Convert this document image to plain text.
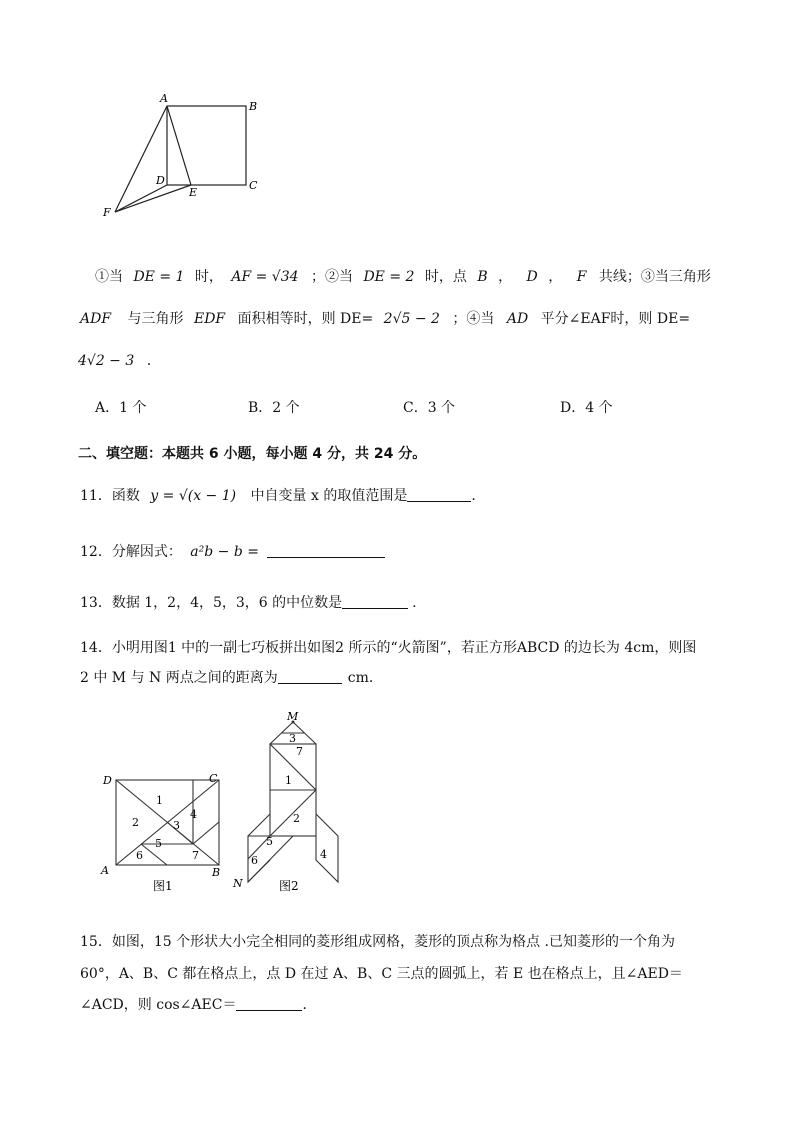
A
B
C
D
E
F
①当 DE = 1 时， AF = √34 ；②当 DE = 2 时，点 B ， D ， F 共线；③当三角形
ADF 与三角形 EDF 面积相等时，则 DE= 2√5 − 2 ；④当 AD 平分∠EAF时，则 DE=
4√2 − 3 .
A．1 个	B．2 个	C．3 个	D．4 个
二、填空题：本题共 6 小题，每小题 4 分，共 24 分。
11．函数 y = √(x − 1) 中自变量 x 的取值范围是	.
12．分解因式： a²b − b =
13．数据 1，2，4，5，3，6 的中位数是	.
14．小明用图1 中的一副七巧板拼出如图2 所示的“火箭图”，若正方形ABCD 的边长为 4cm，则图
2 中 M 与 N 两点之间的距离为	cm．
D	C
A	B
1
2	3
4
5
6	7
图1
M
N
3
7
1
2
5
6	4
图2
15．如图，15 个形状大小完全相同的菱形组成网格，菱形的顶点称为格点 .已知菱形的一个角为
60°，A、B、C 都在格点上，点 D 在过 A、B、C 三点的圆弧上，若 E 也在格点上，且∠AED＝
∠ACD，则 cos∠AEC＝	．
